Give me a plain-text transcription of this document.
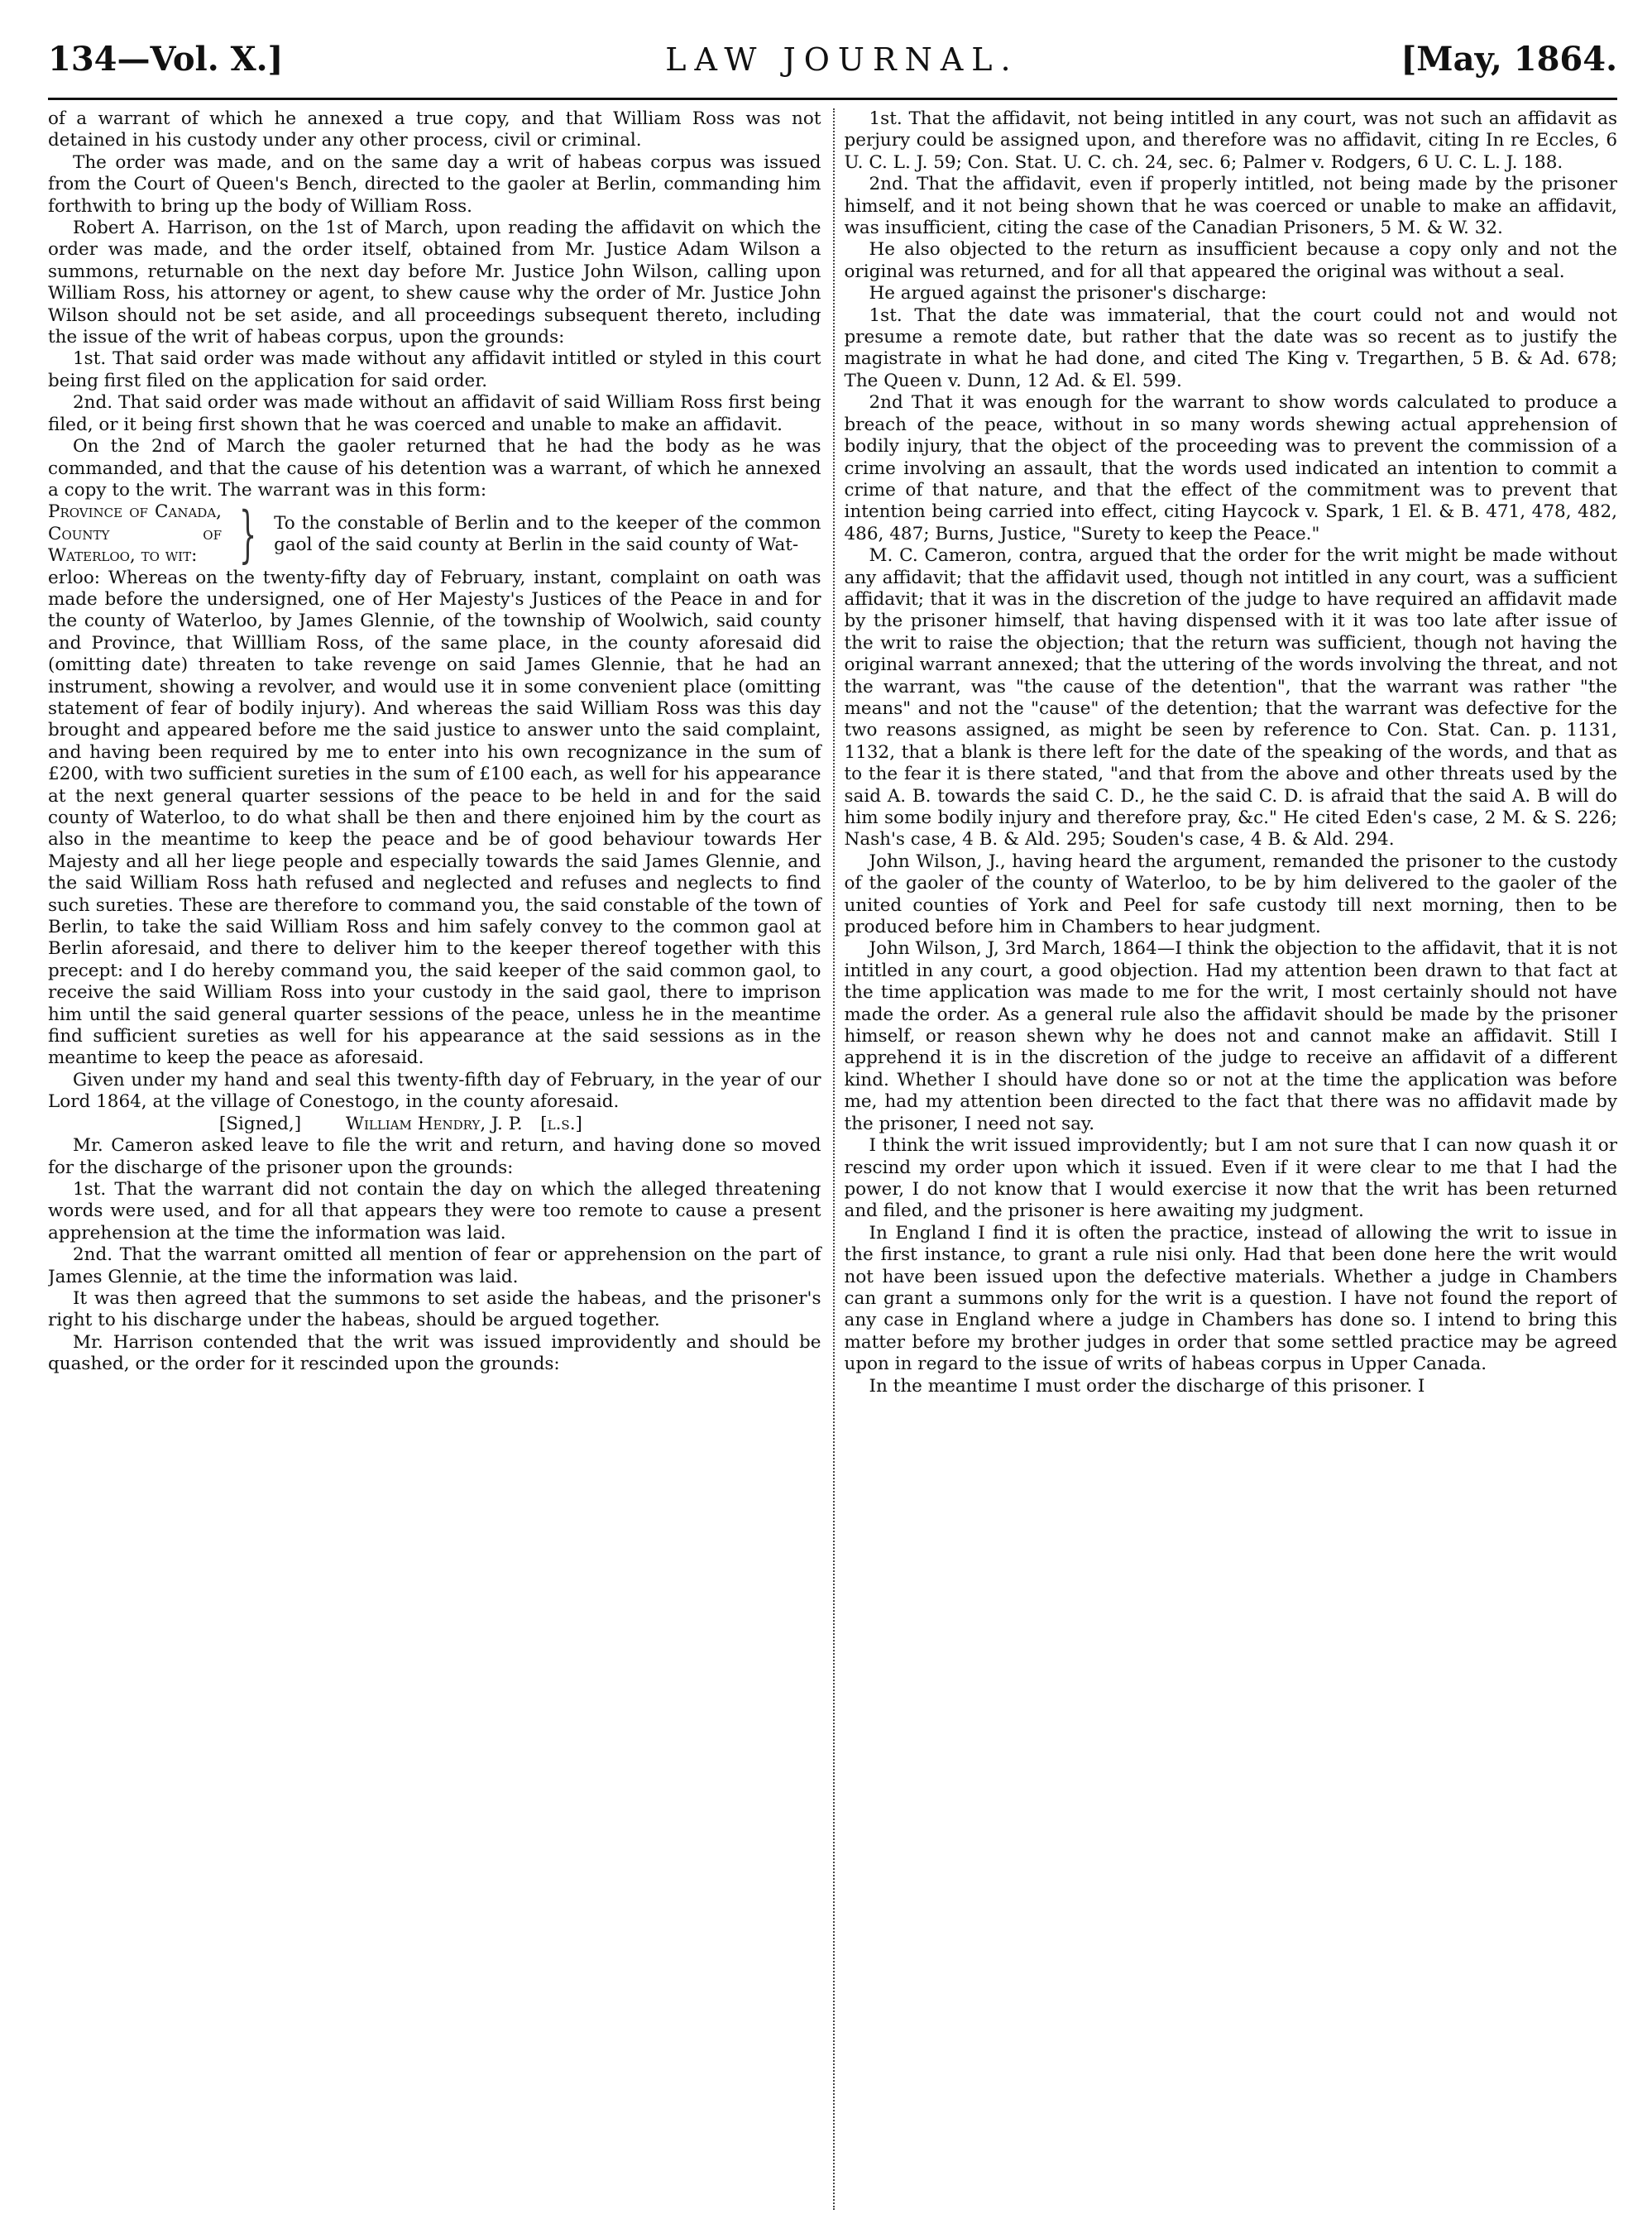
134—Vol. X.]	LAW JOURNAL.	[May, 1864.

of a warrant of which he annexed a true copy, and that William Ross was not detained in his custody under any other process, civil or criminal.

The order was made, and on the same day a writ of habeas corpus was issued from the Court of Queen's Bench, directed to the gaoler at Berlin, commanding him forthwith to bring up the body of William Ross.

Robert A. Harrison, on the 1st of March, upon reading the affidavit on which the order was made, and the order itself, obtained from Mr. Justice Adam Wilson a summons, returnable on the next day before Mr. Justice John Wilson, calling upon William Ross, his attorney or agent, to shew cause why the order of Mr. Justice John Wilson should not be set aside, and all proceedings subsequent thereto, including the issue of the writ of habeas corpus, upon the grounds:

1st. That said order was made without any affidavit intitled or styled in this court being first filed on the application for said order.

2nd. That said order was made without an affidavit of said William Ross first being filed, or it being first shown that he was coerced and unable to make an affidavit.

On the 2nd of March the gaoler returned that he had the body as he was commanded, and that the cause of his detention was a warrant, of which he annexed a copy to the writ. The warrant was in this form:

Province of Canada, County of Waterloo, to wit: } To the constable of Berlin and to the keeper of the common gaol of the said county at Berlin in the said county of Wat-

erloo: Whereas on the twenty-fifty day of February, instant, complaint on oath was made before the undersigned, one of Her Majesty's Justices of the Peace in and for the county of Waterloo, by James Glennie, of the township of Woolwich, said county and Province, that Willliam Ross, of the same place, in the county aforesaid did (omitting date) threaten to take revenge on said James Glennie, that he had an instrument, showing a revolver, and would use it in some convenient place (omitting statement of fear of bodily injury). And whereas the said William Ross was this day brought and appeared before me the said justice to answer unto the said complaint, and having been required by me to enter into his own recognizance in the sum of £200, with two sufficient sureties in the sum of £100 each, as well for his appearance at the next general quarter sessions of the peace to be held in and for the said county of Waterloo, to do what shall be then and there enjoined him by the court as also in the meantime to keep the peace and be of good behaviour towards Her Majesty and all her liege people and especially towards the said James Glennie, and the said William Ross hath refused and neglected and refuses and neglects to find such sureties. These are therefore to command you, the said constable of the town of Berlin, to take the said William Ross and him safely convey to the common gaol at Berlin aforesaid, and there to deliver him to the keeper thereof together with this precept: and I do hereby command you, the said keeper of the said common gaol, to receive the said William Ross into your custody in the said gaol, there to imprison him until the said general quarter sessions of the peace, unless he in the meantime find sufficient sureties as well for his appearance at the said sessions as in the meantime to keep the peace as aforesaid.

Given under my hand and seal this twenty-fifth day of February, in the year of our Lord 1864, at the village of Conestogo, in the county aforesaid.

[Signed,] William Hendry, J. P. [l.s.]

Mr. Cameron asked leave to file the writ and return, and having done so moved for the discharge of the prisoner upon the grounds:

1st. That the warrant did not contain the day on which the alleged threatening words were used, and for all that appears they were too remote to cause a present apprehension at the time the information was laid.

2nd. That the warrant omitted all mention of fear or apprehension on the part of James Glennie, at the time the information was laid.

It was then agreed that the summons to set aside the habeas, and the prisoner's right to his discharge under the habeas, should be argued together.

Mr. Harrison contended that the writ was issued improvidently and should be quashed, or the order for it rescinded upon the grounds:

1st. That the affidavit, not being intitled in any court, was not such an affidavit as perjury could be assigned upon, and therefore was no affidavit, citing In re Eccles, 6 U. C. L. J. 59; Con. Stat. U. C. ch. 24, sec. 6; Palmer v. Rodgers, 6 U. C. L. J. 188.

2nd. That the affidavit, even if properly intitled, not being made by the prisoner himself, and it not being shown that he was coerced or unable to make an affidavit, was insufficient, citing the case of the Canadian Prisoners, 5 M. & W. 32.

He also objected to the return as insufficient because a copy only and not the original was returned, and for all that appeared the original was without a seal.

He argued against the prisoner's discharge:

1st. That the date was immaterial, that the court could not and would not presume a remote date, but rather that the date was so recent as to justify the magistrate in what he had done, and cited The King v. Tregarthen, 5 B. & Ad. 678; The Queen v. Dunn, 12 Ad. & El. 599.

2nd That it was enough for the warrant to show words calculated to produce a breach of the peace, without in so many words shewing actual apprehension of bodily injury, that the object of the proceeding was to prevent the commission of a crime involving an assault, that the words used indicated an intention to commit a crime of that nature, and that the effect of the commitment was to prevent that intention being carried into effect, citing Haycock v. Spark, 1 El. & B. 471, 478, 482, 486, 487; Burns, Justice, "Surety to keep the Peace."

M. C. Cameron, contra, argued that the order for the writ might be made without any affidavit; that the affidavit used, though not intitled in any court, was a sufficient affidavit; that it was in the discretion of the judge to have required an affidavit made by the prisoner himself, that having dispensed with it it was too late after issue of the writ to raise the objection; that the return was sufficient, though not having the original warrant annexed; that the uttering of the words involving the threat, and not the warrant, was "the cause of the detention", that the warrant was rather "the means" and not the "cause" of the detention; that the warrant was defective for the two reasons assigned, as might be seen by reference to Con. Stat. Can. p. 1131, 1132, that a blank is there left for the date of the speaking of the words, and that as to the fear it is there stated, "and that from the above and other threats used by the said A. B. towards the said C. D., he the said C. D. is afraid that the said A. B will do him some bodily injury and therefore pray, &c." He cited Eden's case, 2 M. & S. 226; Nash's case, 4 B. & Ald. 295; Souden's case, 4 B. & Ald. 294.

John Wilson, J., having heard the argument, remanded the prisoner to the custody of the gaoler of the county of Waterloo, to be by him delivered to the gaoler of the united counties of York and Peel for safe custody till next morning, then to be produced before him in Chambers to hear judgment.

John Wilson, J, 3rd March, 1864—I think the objection to the affidavit, that it is not intitled in any court, a good objection. Had my attention been drawn to that fact at the time application was made to me for the writ, I most certainly should not have made the order. As a general rule also the affidavit should be made by the prisoner himself, or reason shewn why he does not and cannot make an affidavit. Still I apprehend it is in the discretion of the judge to receive an affidavit of a different kind. Whether I should have done so or not at the time the application was before me, had my attention been directed to the fact that there was no affidavit made by the prisoner, I need not say.

I think the writ issued improvidently; but I am not sure that I can now quash it or rescind my order upon which it issued. Even if it were clear to me that I had the power, I do not know that I would exercise it now that the writ has been returned and filed, and the prisoner is here awaiting my judgment.

In England I find it is often the practice, instead of allowing the writ to issue in the first instance, to grant a rule nisi only. Had that been done here the writ would not have been issued upon the defective materials. Whether a judge in Chambers can grant a summons only for the writ is a question. I have not found the report of any case in England where a judge in Chambers has done so. I intend to bring this matter before my brother judges in order that some settled practice may be agreed upon in regard to the issue of writs of habeas corpus in Upper Canada.

In the meantime I must order the discharge of this prisoner. I
